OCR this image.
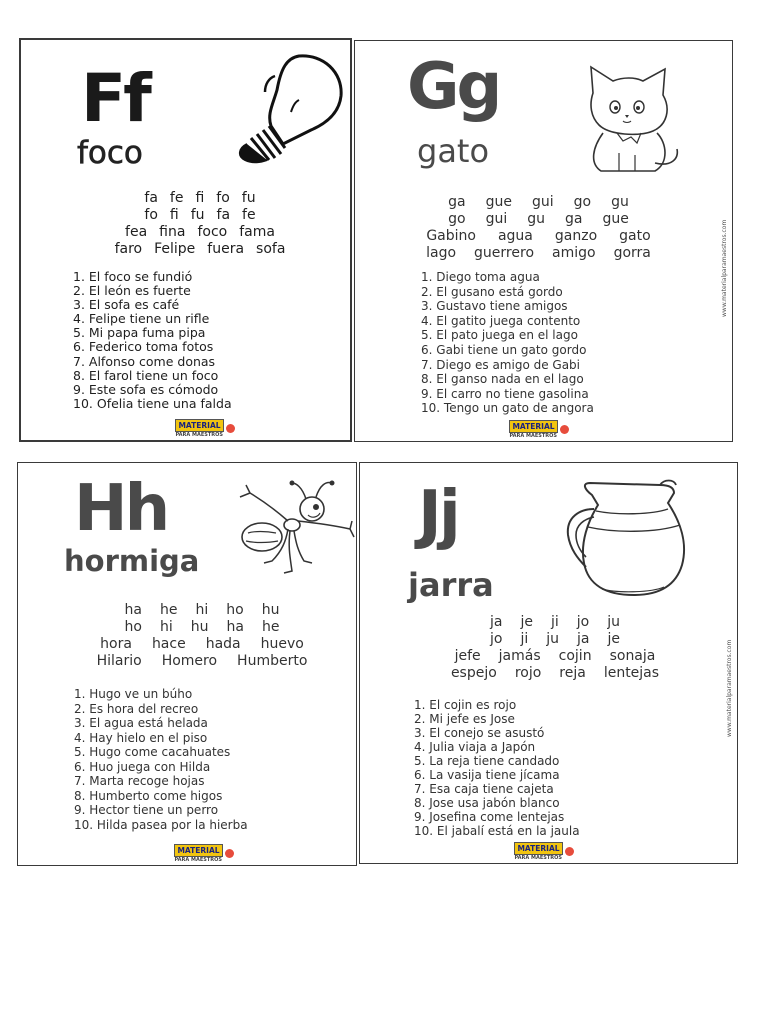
Ff
foco
fa fe fi fo fu
fo fi fu fa fe
fea fina foco fama
faro Felipe fuera sofa
1. El foco se fundió
2. El león es fuerte
3. El sofa es café
4. Felipe tiene un rifle
5. Mi papa fuma pipa
6. Federico toma fotos
7. Alfonso come donas
8. El farol tiene un foco
9. Este sofa es cómodo
10. Ofelia tiene una falda
MATERIAL
PARA MAESTROS
Gg
gato
ga gue gui go gu
go gui gu ga gue
Gabino agua ganzo gato
lago guerrero amigo gorra
1. Diego toma agua
2. El gusano está gordo
3. Gustavo tiene amigos
4. El gatito juega contento
5. El pato juega en el lago
6. Gabi tiene un gato gordo
7. Diego es amigo de Gabi
8. El ganso nada en el lago
9. El carro no tiene gasolina
10. Tengo un gato de angora
www.materialparamaestros.com
MATERIAL
PARA MAESTROS
Hh
hormiga
ha he hi ho hu
ho hi hu ha he
hora hace hada huevo
Hilario Homero Humberto
1. Hugo ve un búho
2. Es hora del recreo
3. El agua está helada
4. Hay hielo en el piso
5. Hugo come cacahuates
6. Huo juega con Hilda
7. Marta recoge hojas
8. Humberto come higos
9. Hector tiene un perro
10. Hilda pasea por la hierba
MATERIAL
PARA MAESTROS
Jj
jarra
ja je ji jo ju
jo ji ju ja je
jefe jamás cojin sonaja
espejo rojo reja lentejas
1. El cojin es rojo
2. Mi jefe es Jose
3. El conejo se asustó
4. Julia viaja a Japón
5. La reja tiene candado
6. La vasija tiene jícama
7. Esa caja tiene cajeta
8. Jose usa jabón blanco
9. Josefina come lentejas
10. El jabalí está en la jaula
www.materialparamaestros.com
MATERIAL
PARA MAESTROS
